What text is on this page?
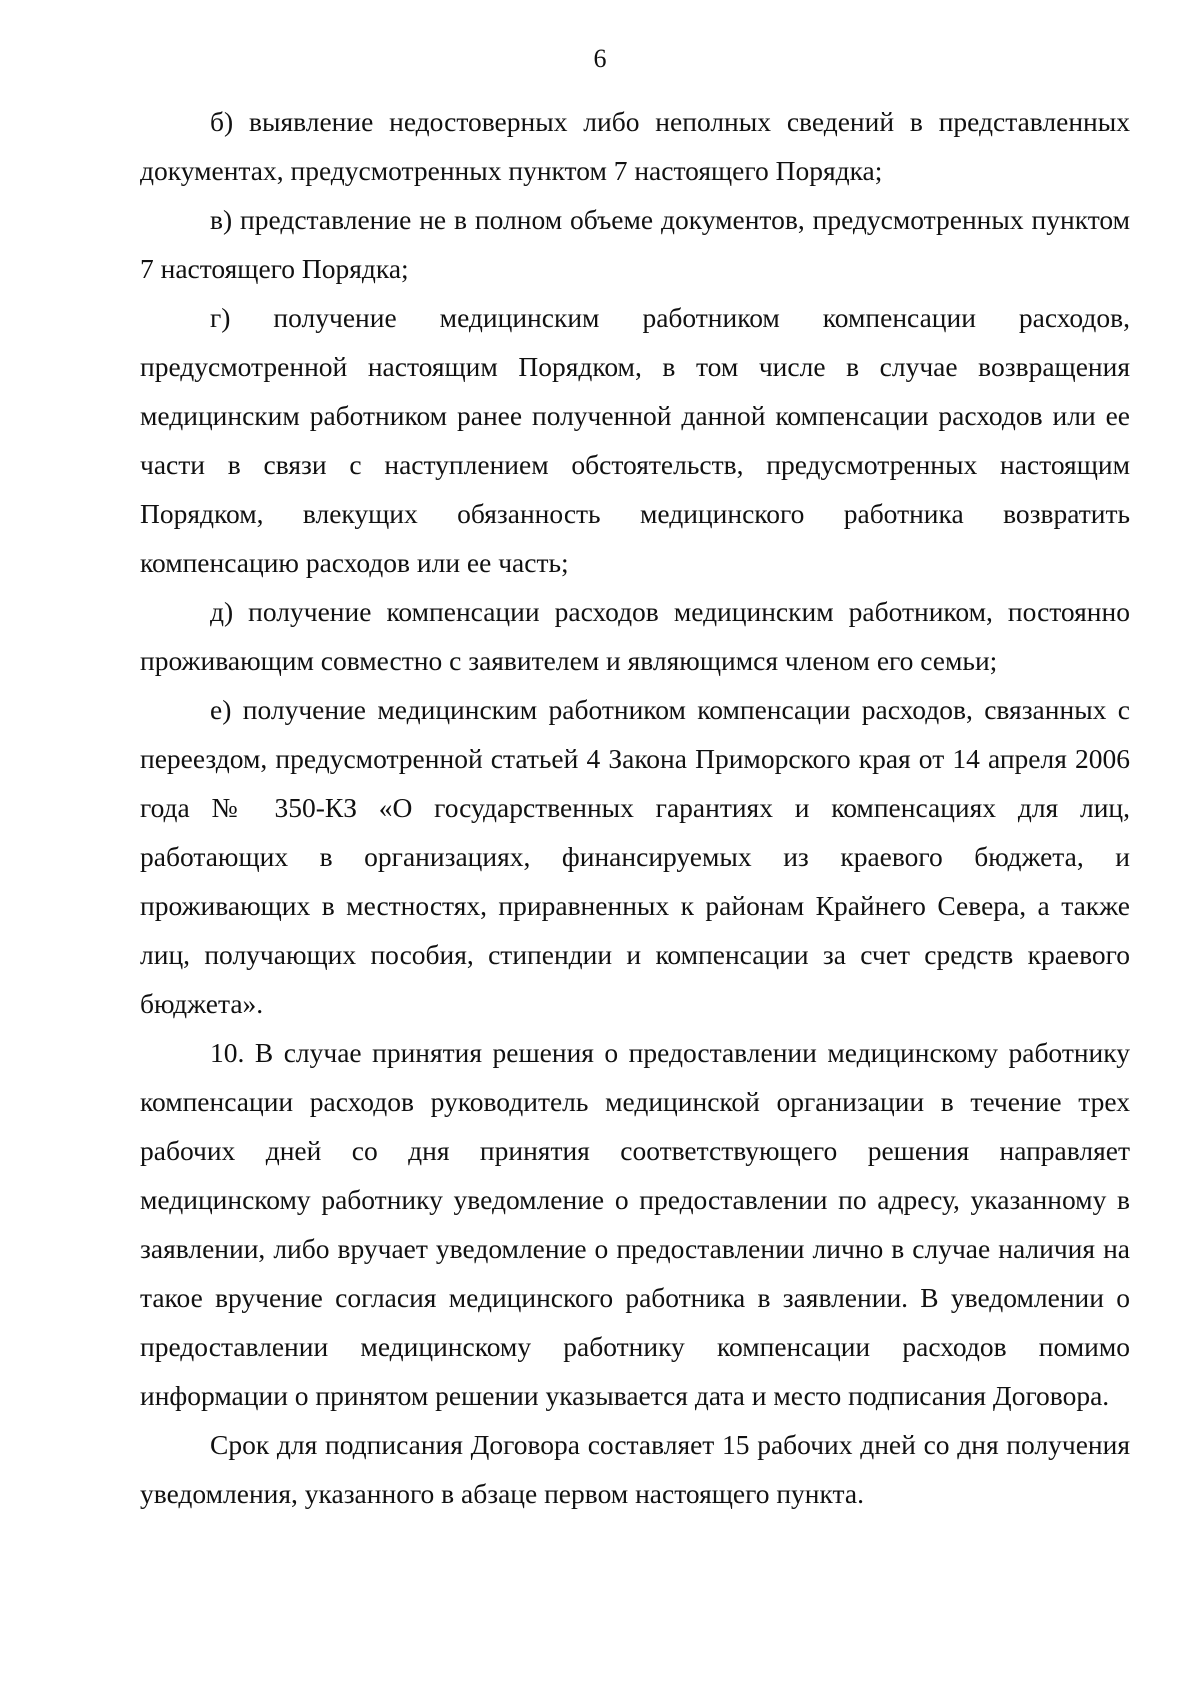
6

б) выявление недостоверных либо неполных сведений в представленных документах, предусмотренных пунктом 7 настоящего Порядка;

в) представление не в полном объеме документов, предусмотренных пунктом 7 настоящего Порядка;

г) получение медицинским работником компенсации расходов, предусмотренной настоящим Порядком, в том числе в случае возвращения медицинским работником ранее полученной данной компенсации расходов или ее части в связи с наступлением обстоятельств, предусмотренных настоящим Порядком, влекущих обязанность медицинского работника возвратить компенсацию расходов или ее часть;

д) получение компенсации расходов медицинским работником, постоянно проживающим совместно с заявителем и являющимся членом его семьи;

е) получение медицинским работником компенсации расходов, связанных с переездом, предусмотренной статьей 4 Закона Приморского края от 14 апреля 2006 года № 350-КЗ «О государственных гарантиях и компенсациях для лиц, работающих в организациях, финансируемых из краевого бюджета, и проживающих в местностях, приравненных к районам Крайнего Севера, а также лиц, получающих пособия, стипендии и компенсации за счет средств краевого бюджета».

10. В случае принятия решения о предоставлении медицинскому работнику компенсации расходов руководитель медицинской организации в течение трех рабочих дней со дня принятия соответствующего решения направляет медицинскому работнику уведомление о предоставлении по адресу, указанному в заявлении, либо вручает уведомление о предоставлении лично в случае наличия на такое вручение согласия медицинского работника в заявлении. В уведомлении о предоставлении медицинскому работнику компенсации расходов помимо информации о принятом решении указывается дата и место подписания Договора.

Срок для подписания Договора составляет 15 рабочих дней со дня получения уведомления, указанного в абзаце первом настоящего пункта.
